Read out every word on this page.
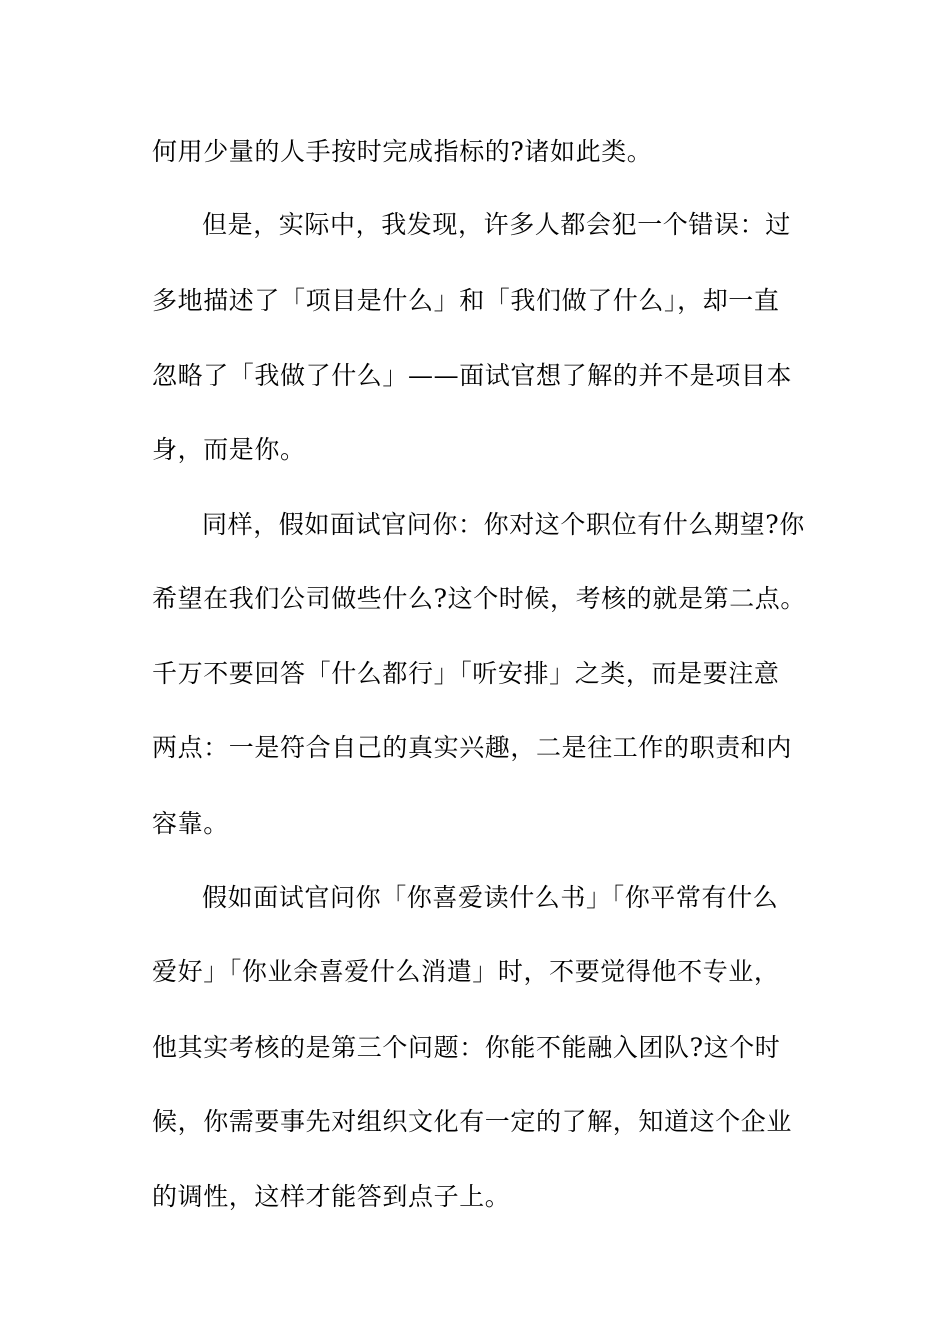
何用少量的人手按时完成指标的?诸如此类。
但是，实际中，我发现，许多人都会犯一个错误：过
多地描述了「项目是什么」和「我们做了什么」，却一直
忽略了「我做了什么」——面试官想了解的并不是项目本
身，而是你。
同样，假如面试官问你：你对这个职位有什么期望?你
希望在我们公司做些什么?这个时候，考核的就是第二点。
千万不要回答「什么都行」「听安排」之类，而是要注意
两点：一是符合自己的真实兴趣，二是往工作的职责和内
容靠。
假如面试官问你「你喜爱读什么书」「你平常有什么
爱好」「你业余喜爱什么消遣」时，不要觉得他不专业，
他其实考核的是第三个问题：你能不能融入团队?这个时
候，你需要事先对组织文化有一定的了解，知道这个企业
的调性，这样才能答到点子上。
